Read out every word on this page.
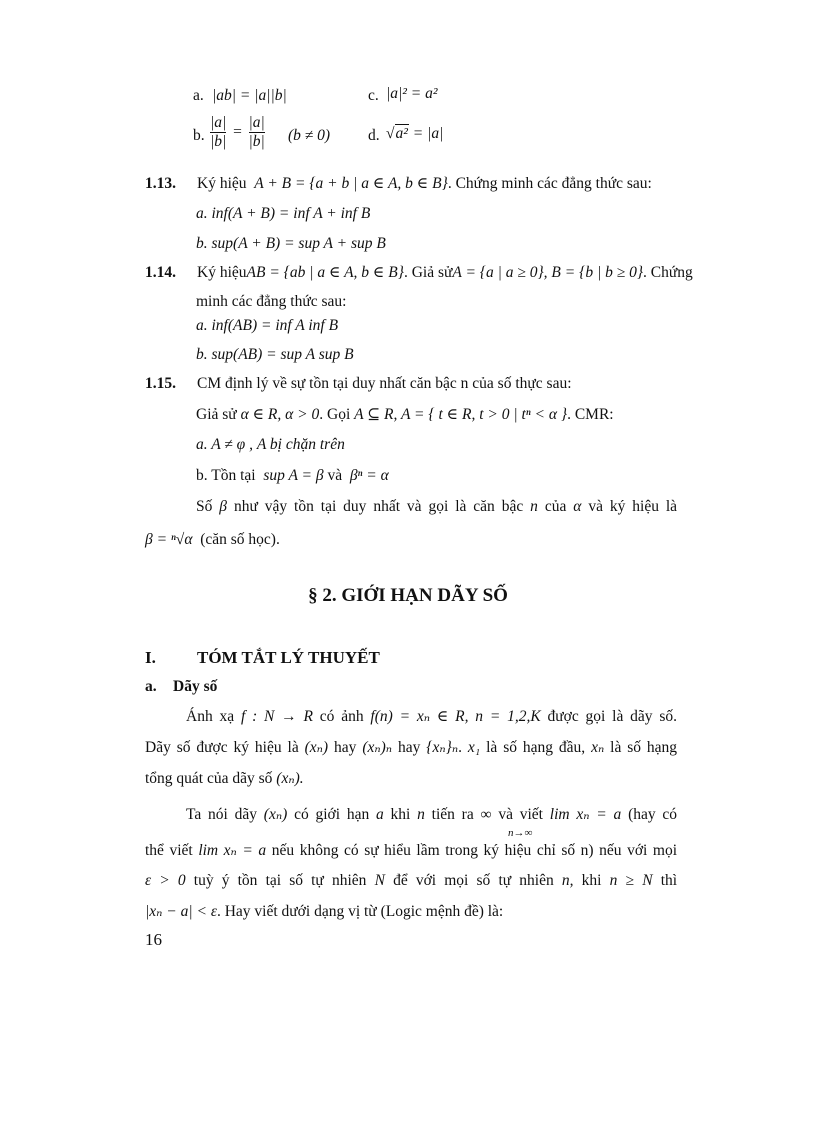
a. |ab| = |a||b|	c. |a|² = a²
b. $\frac{|a|}{|b|} = \frac{|a|}{|b|} (b \ne 0)$ d. √a² = |a|
1.13. Ký hiệu A + B = {a + b | a ∈ A, b ∈ B}. Chứng minh các đẳng thức sau:
a. inf(A + B) = inf A + inf B
b. sup(A + B) = sup A + sup B
1.14. Ký hiệu AB = {ab | a ∈ A, b ∈ B} . Giả sử A = {a | a ≥ 0}, B = {b | b ≥ 0} . Chứng
minh các đẳng thức sau:
a. inf(AB) = inf A inf B
b. sup(AB) = sup A sup B
1.15. CM định lý về sự tồn tại duy nhất căn bậc n của số thực sau:
Giả sử α ∈ R, α > 0. Gọi A ⊆ R, A = { t ∈ R, t > 0 | tⁿ < α }. CMR:
a. A ≠ φ , A bị chặn trên
b. Tồn tại sup A = β và βⁿ = α
Số β như vậy tồn tại duy nhất và gọi là căn bậc n của α và ký hiệu là
β = ⁿ√α (căn số học).
§ 2. GIỚI HẠN DÃY SỐ
I. TÓM TẮT LÝ THUYẾT
a. Dãy số
Ánh xạ f : N → R có ảnh f(n) = xₙ ∈ R, n = 1,2,K được gọi là dãy số.
Dãy số được ký hiệu là (xₙ) hay (xₙ)ₙ hay {xₙ}ₙ. x₁ là số hạng đầu, xₙ là số hạng
tổng quát của dãy số (xₙ).
Ta nói dãy (xₙ) có giới hạn a khi n tiến ra ∞ và viết lim xₙ = a (hay có
n→∞
thể viết lim xₙ = a nếu không có sự hiểu lầm trong ký hiệu chỉ số n) nếu với mọi
ε > 0 tuỳ ý tồn tại số tự nhiên N để với mọi số tự nhiên n, khi n ≥ N thì
|xₙ − a| < ε. Hay viết dưới dạng vị từ (Logic mệnh đề) là:
16
